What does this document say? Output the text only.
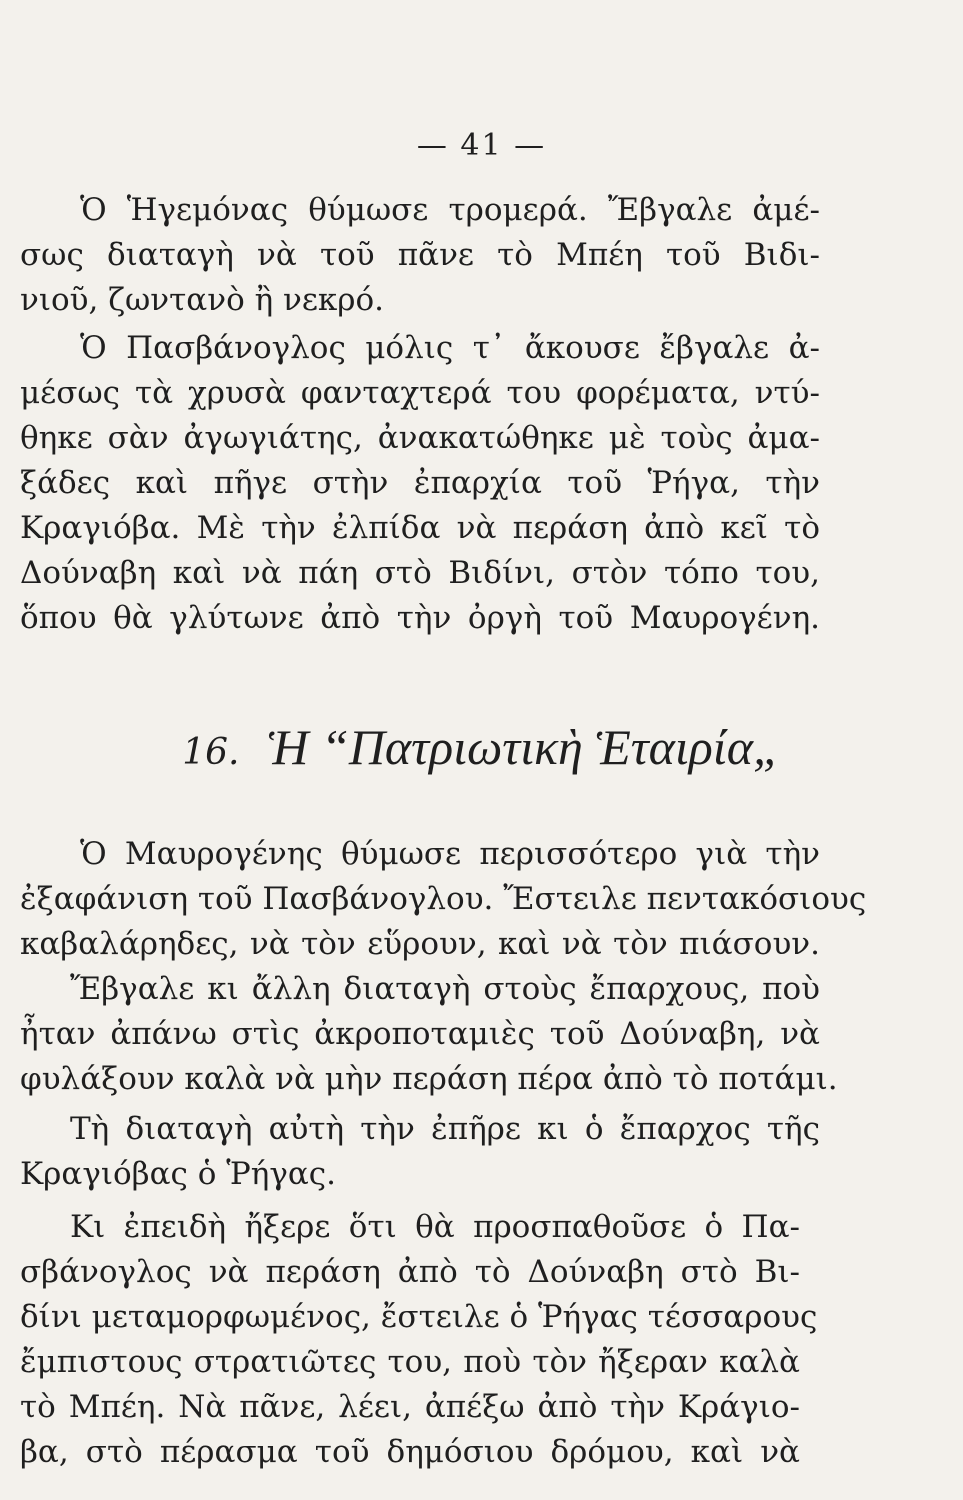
— 41 —

Ὁ Ἡγεμόνας θύμωσε τρομερά. Ἔβγαλε ἀμέ-
σως διαταγὴ νὰ τοῦ πᾶνε τὸ Μπέη τοῦ Βιδι-
νιοῦ, ζωντανὸ ἢ νεκρό.

Ὁ Πασβάνογλος μόλις τ᾽ ἄκουσε ἔβγαλε ἀ-
μέσως τὰ χρυσὰ φανταχτερά του φορέματα, ντύ-
θηκε σὰν ἀγωγιάτης, ἀνακατώθηκε μὲ τοὺς ἀμα-
ξάδες καὶ πῆγε στὴν ἐπαρχία τοῦ Ῥήγα, τὴν
Κραγιόβα. Μὲ τὴν ἐλπίδα νὰ περάση ἀπὸ κεῖ τὸ
Δούναβη καὶ νὰ πάη στὸ Βιδίνι, στὸν τόπο του,
ὅπου θὰ γλύτωνε ἀπὸ τὴν ὀργὴ τοῦ Μαυρογένη.

16. Ἡ “Πατριωτικὴ Ἑταιρία„

Ὁ Μαυρογένης θύμωσε περισσότερο γιὰ τὴν
ἐξαφάνιση τοῦ Πασβάνογλου. Ἔστειλε πεντακόσιους
καβαλάρηδες, νὰ τὸν εὕρουν, καὶ νὰ τὸν πιάσουν.

Ἔβγαλε κι ἄλλη διαταγὴ στοὺς ἔπαρχους, ποὺ
ἦταν ἀπάνω στὶς ἀκροποταμιὲς τοῦ Δούναβη, νὰ
φυλάξουν καλὰ νὰ μὴν περάση πέρα ἀπὸ τὸ ποτάμι.

Τὴ διαταγὴ αὐτὴ τὴν ἐπῆρε κι ὁ ἔπαρχος τῆς
Κραγιόβας ὁ Ῥήγας.

Κι ἐπειδὴ ἤξερε ὅτι θὰ προσπαθοῦσε ὁ Πα-
σβάνογλος νὰ περάση ἀπὸ τὸ Δούναβη στὸ Βι-
δίνι μεταμορφωμένος, ἔστειλε ὁ Ῥήγας τέσσαρους
ἔμπιστους στρατιῶτες του, ποὺ τὸν ἤξεραν καλὰ
τὸ Μπέη. Νὰ πᾶνε, λέει, ἀπέξω ἀπὸ τὴν Κράγιο-
βα, στὸ πέρασμα τοῦ δημόσιου δρόμου, καὶ νὰ
